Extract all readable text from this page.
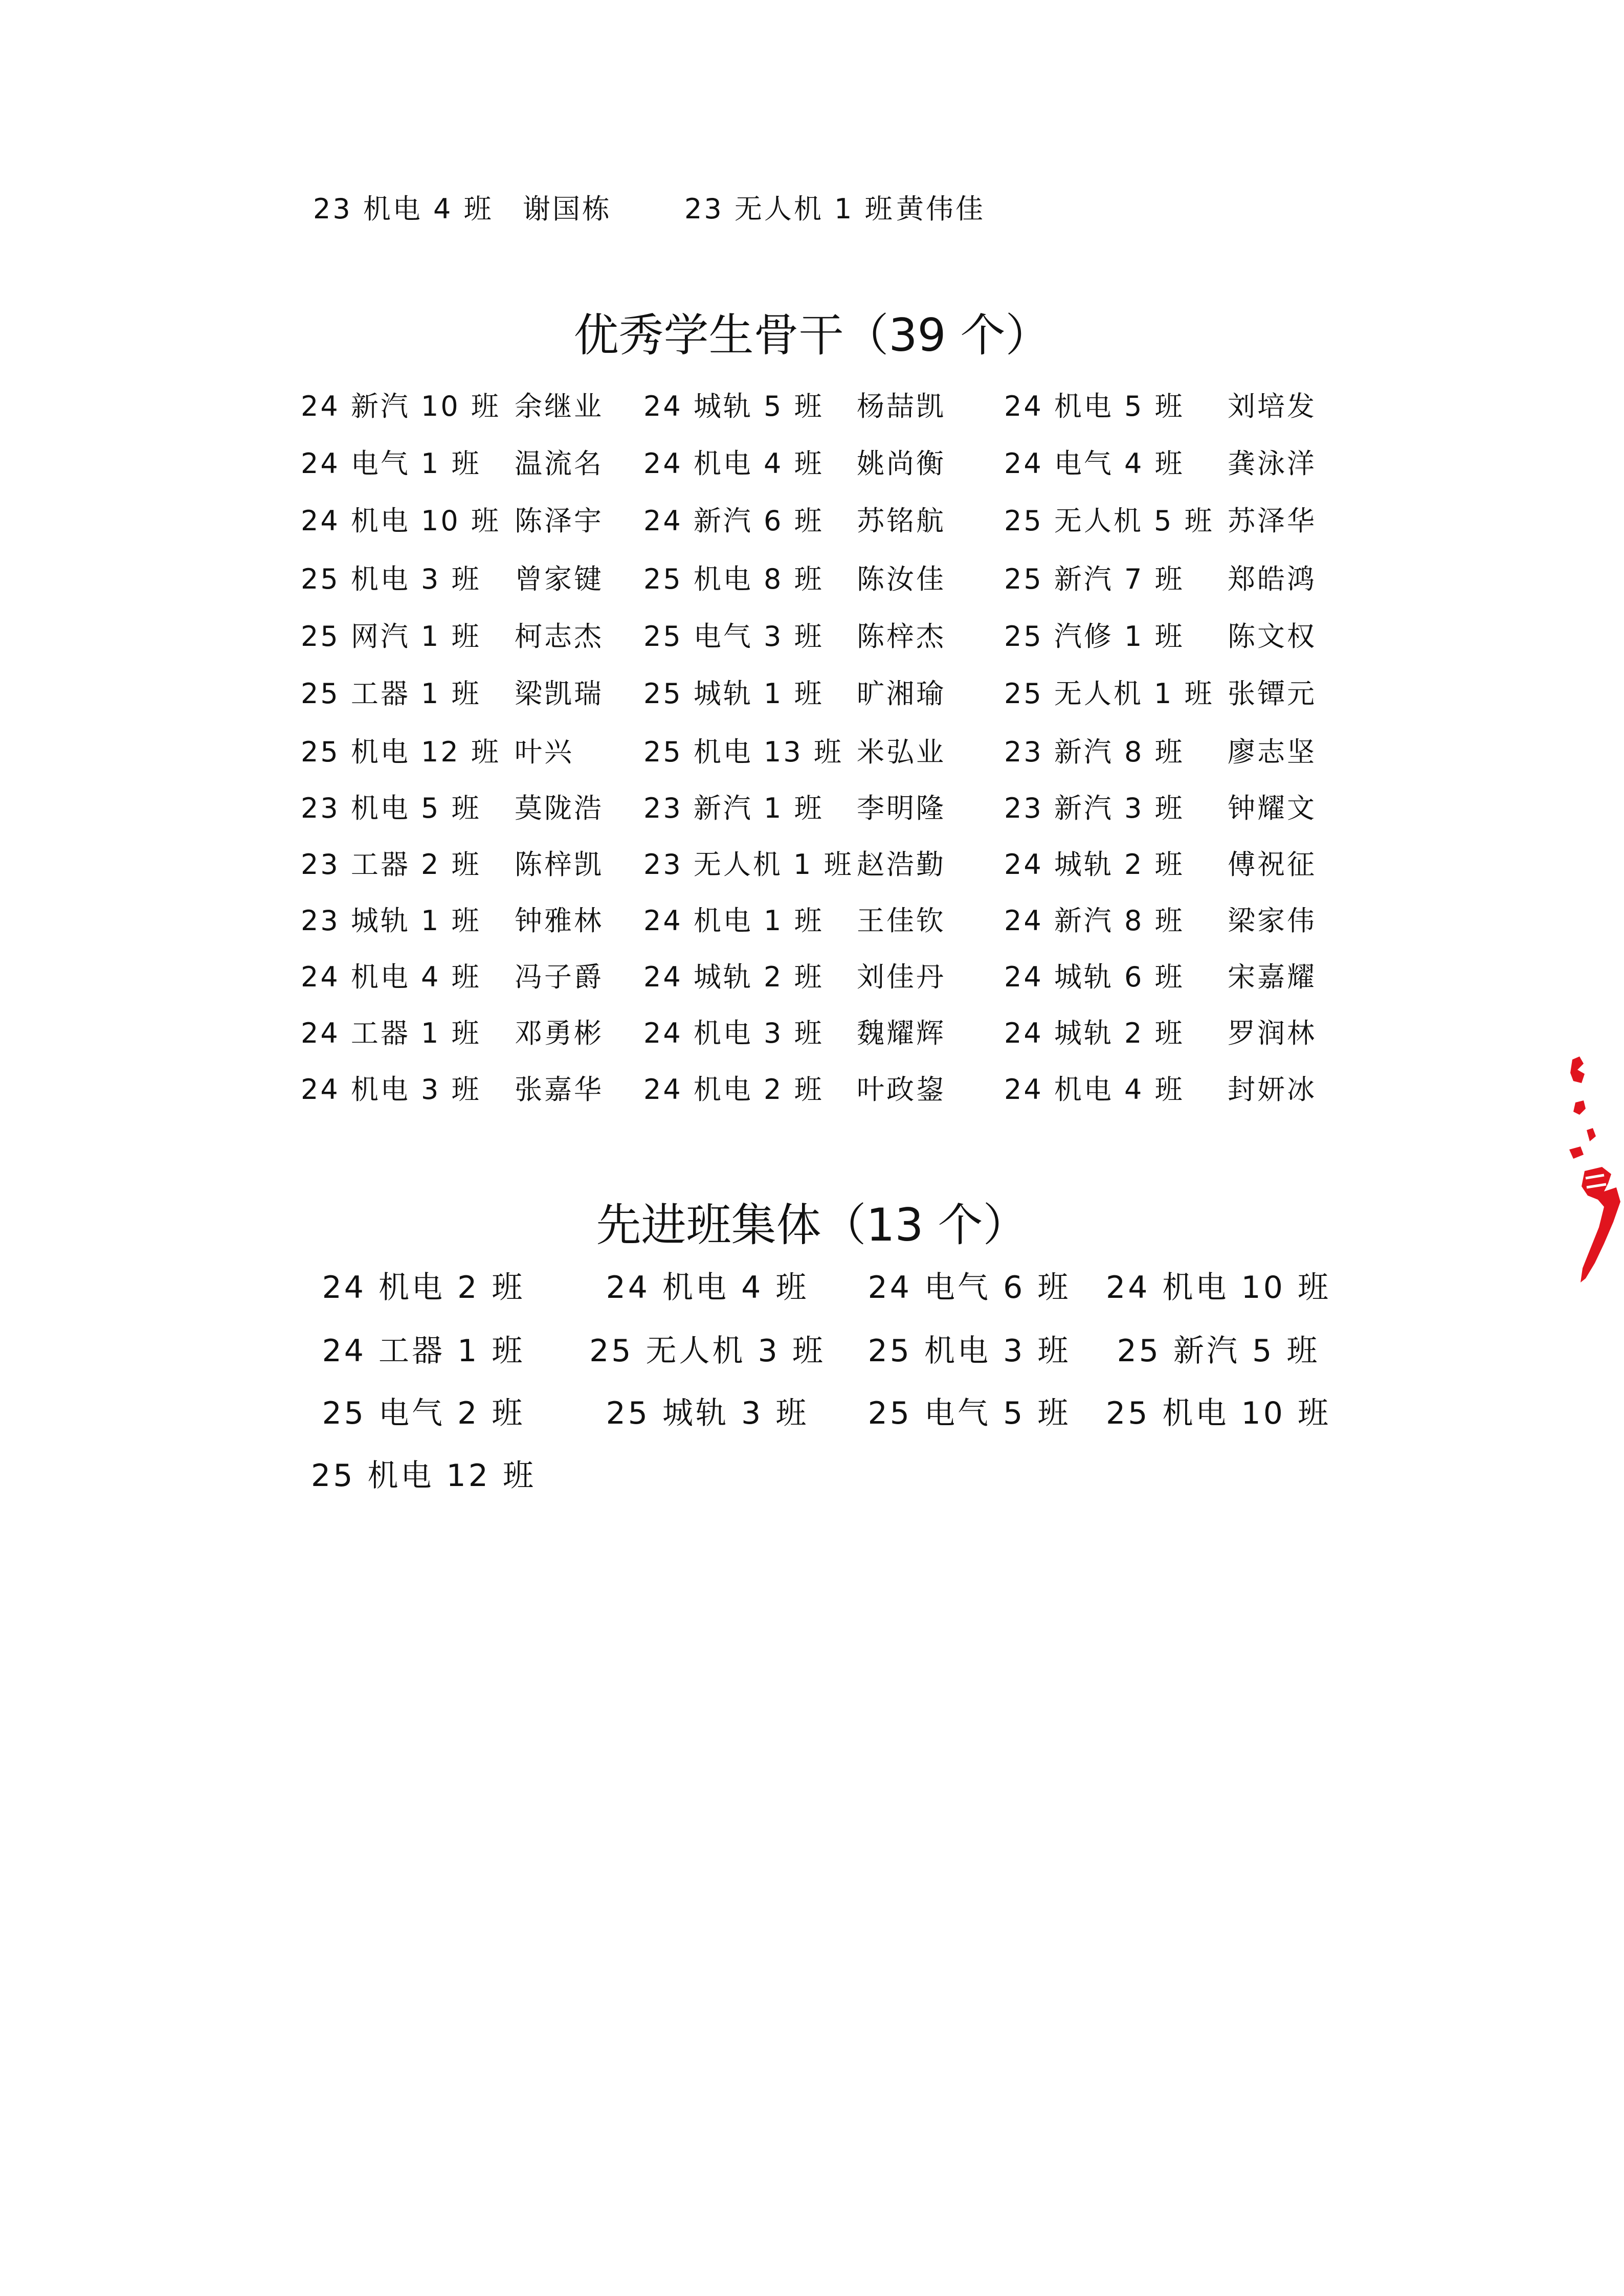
23 机电 4 班 谢国栋	23 无人机 1 班 黄伟佳
优秀学生骨干（39 个）
24 新汽 10 班 余继业 24 城轨 5 班 杨喆凯 24 机电 5 班 刘培发
24 电气 1 班 温流名 24 机电 4 班 姚尚衡 24 电气 4 班 龚泳洋
24 机电 10 班 陈泽宇 24 新汽 6 班 苏铭航 25 无人机 5 班 苏泽华
25 机电 3 班 曾家键 25 机电 8 班 陈汝佳 25 新汽 7 班 郑皓鸿
25 网汽 1 班 柯志杰 25 电气 3 班 陈梓杰 25 汽修 1 班 陈文权
25 工器 1 班 梁凯瑞 25 城轨 1 班 旷湘瑜 25 无人机 1 班 张镡元
25 机电 12 班 叶兴	25 机电 13 班 米弘业 23 新汽 8 班 廖志坚
23 机电 5 班 莫陇浩 23 新汽 1 班 李明隆 23 新汽 3 班 钟耀文
23 工器 2 班 陈梓凯 23 无人机 1 班 赵浩勤 24 城轨 2 班 傅祝征
23 城轨 1 班 钟雅林 24 机电 1 班 王佳钦 24 新汽 8 班 梁家伟
24 机电 4 班 冯子爵 24 城轨 2 班 刘佳丹 24 城轨 6 班 宋嘉耀
24 工器 1 班 邓勇彬 24 机电 3 班 魏耀辉 24 城轨 2 班 罗润林
24 机电 3 班 张嘉华 24 机电 2 班 叶政鋆 24 机电 4 班 封妍冰
先进班集体（13 个）
24 机电 2 班	24 机电 4 班 24 电气 6 班 24 机电 10 班
24 工器 1 班 25 无人机 3 班 25 机电 3 班 25 新汽 5 班
25 电气 2 班	25 城轨 3 班 25 电气 5 班 25 机电 10 班
25 机电 12 班
